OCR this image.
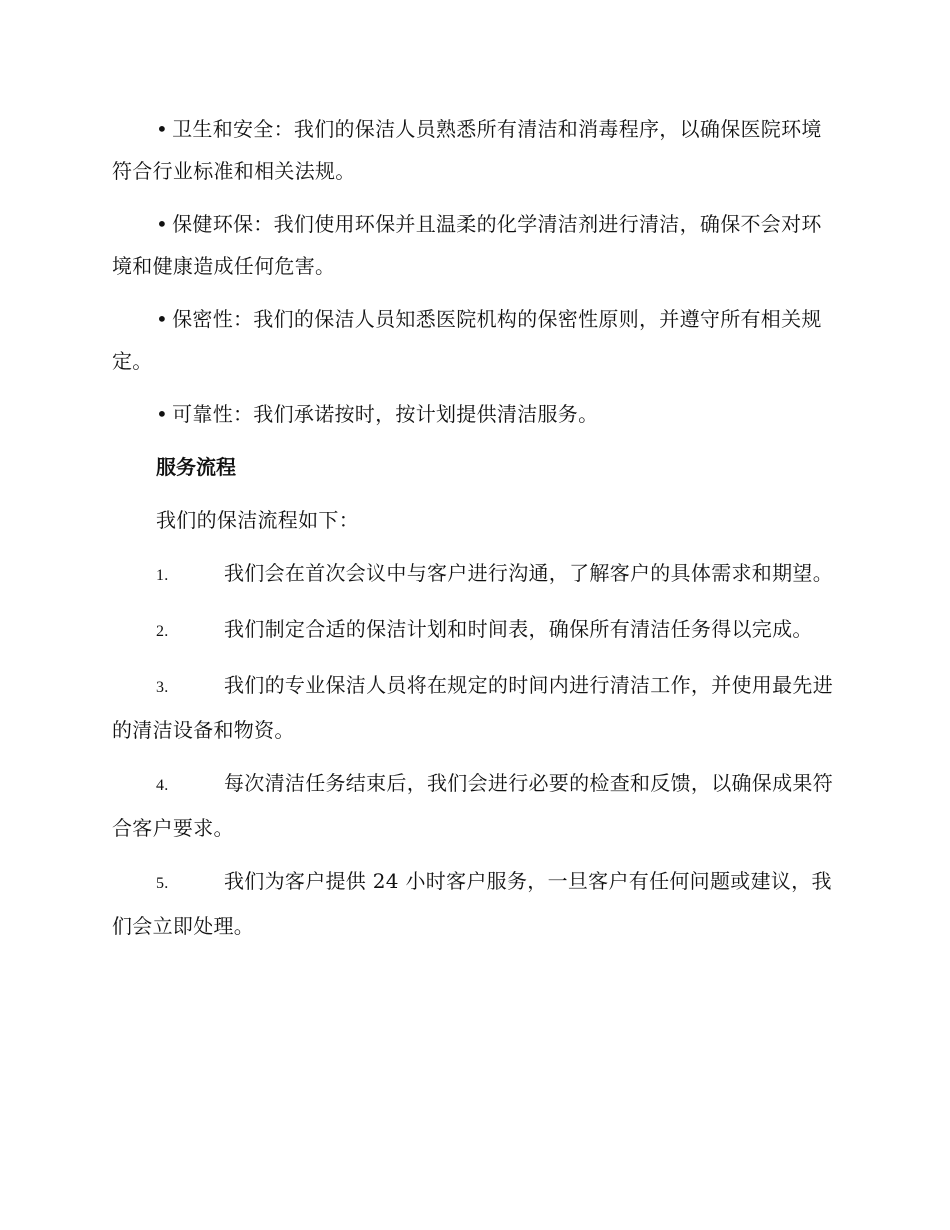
• 卫生和安全：我们的保洁人员熟悉所有清洁和消毒程序，以确保医院环境符合行业标准和相关法规。

• 保健环保：我们使用环保并且温柔的化学清洁剂进行清洁，确保不会对环境和健康造成任何危害。

• 保密性：我们的保洁人员知悉医院机构的保密性原则，并遵守所有相关规定。

• 可靠性：我们承诺按时，按计划提供清洁服务。

服务流程

我们的保洁流程如下：

1.	我们会在首次会议中与客户进行沟通，了解客户的具体需求和期望。

2.	我们制定合适的保洁计划和时间表，确保所有清洁任务得以完成。

3.	我们的专业保洁人员将在规定的时间内进行清洁工作，并使用最先进的清洁设备和物资。

4.	每次清洁任务结束后，我们会进行必要的检查和反馈，以确保成果符合客户要求。

5.	我们为客户提供 24 小时客户服务，一旦客户有任何问题或建议，我们会立即处理。
